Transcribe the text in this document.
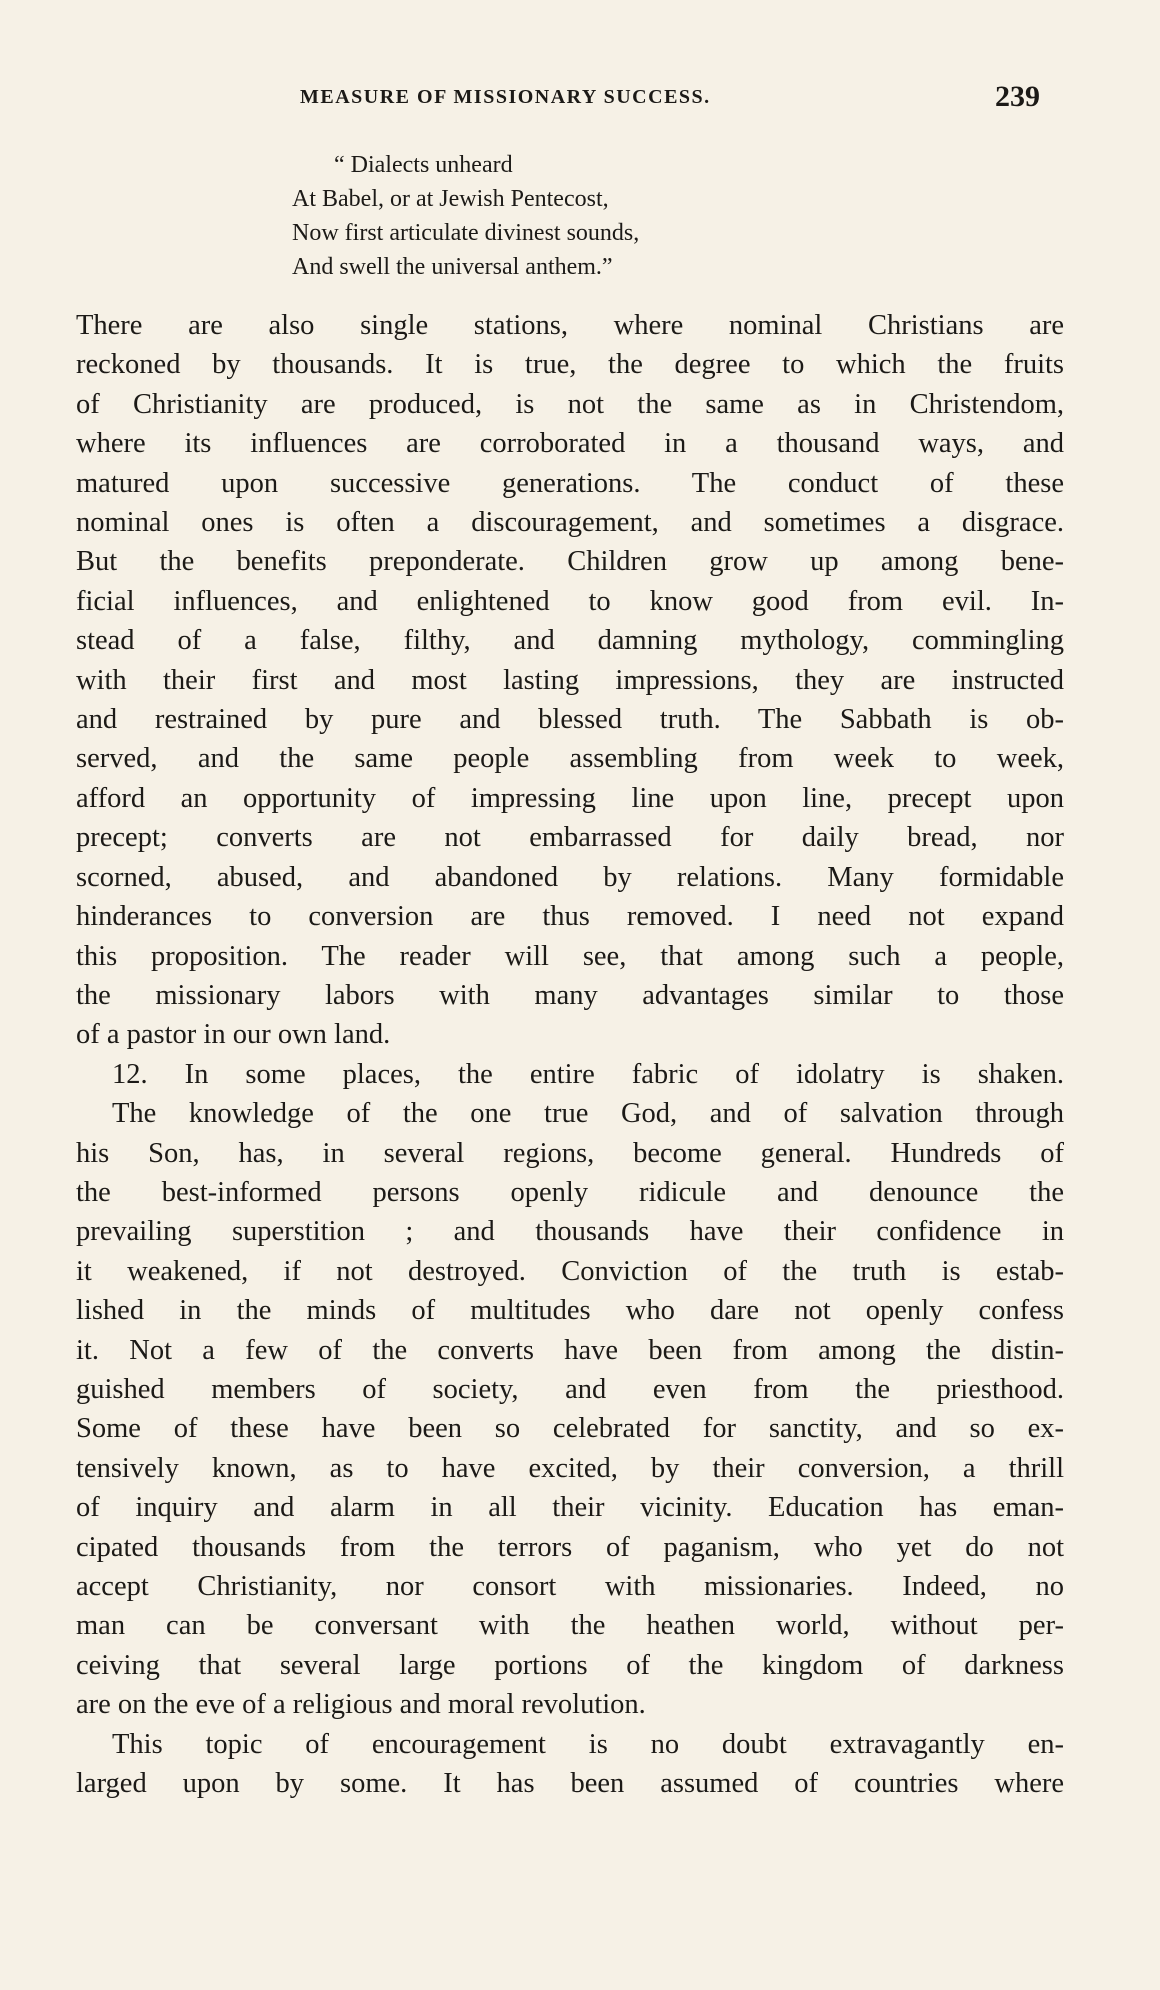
MEASURE OF MISSIONARY SUCCESS.	239
“ Dialects unheard
At Babel, or at Jewish Pentecost,
Now first articulate divinest sounds,
And swell the universal anthem.”
There are also single stations, where nominal Christians are
reckoned by thousands. It is true, the degree to which the fruits
of Christianity are produced, is not the same as in Christendom,
where its influences are corroborated in a thousand ways, and
matured upon successive generations. The conduct of these
nominal ones is often a discouragement, and sometimes a disgrace.
But the benefits preponderate. Children grow up among bene-
ficial influences, and enlightened to know good from evil. In-
stead of a false, filthy, and damning mythology, commingling
with their first and most lasting impressions, they are instructed
and restrained by pure and blessed truth. The Sabbath is ob-
served, and the same people assembling from week to week,
afford an opportunity of impressing line upon line, precept upon
precept; converts are not embarrassed for daily bread, nor
scorned, abused, and abandoned by relations. Many formidable
hinderances to conversion are thus removed. I need not expand
this proposition. The reader will see, that among such a people,
the missionary labors with many advantages similar to those
of a pastor in our own land.
12. In some places, the entire fabric of idolatry is shaken.
The knowledge of the one true God, and of salvation through
his Son, has, in several regions, become general. Hundreds of
the best-informed persons openly ridicule and denounce the
prevailing superstition ; and thousands have their confidence in
it weakened, if not destroyed. Conviction of the truth is estab-
lished in the minds of multitudes who dare not openly confess
it. Not a few of the converts have been from among the distin-
guished members of society, and even from the priesthood.
Some of these have been so celebrated for sanctity, and so ex-
tensively known, as to have excited, by their conversion, a thrill
of inquiry and alarm in all their vicinity. Education has eman-
cipated thousands from the terrors of paganism, who yet do not
accept Christianity, nor consort with missionaries. Indeed, no
man can be conversant with the heathen world, without per-
ceiving that several large portions of the kingdom of darkness
are on the eve of a religious and moral revolution.
This topic of encouragement is no doubt extravagantly en-
larged upon by some. It has been assumed of countries where
